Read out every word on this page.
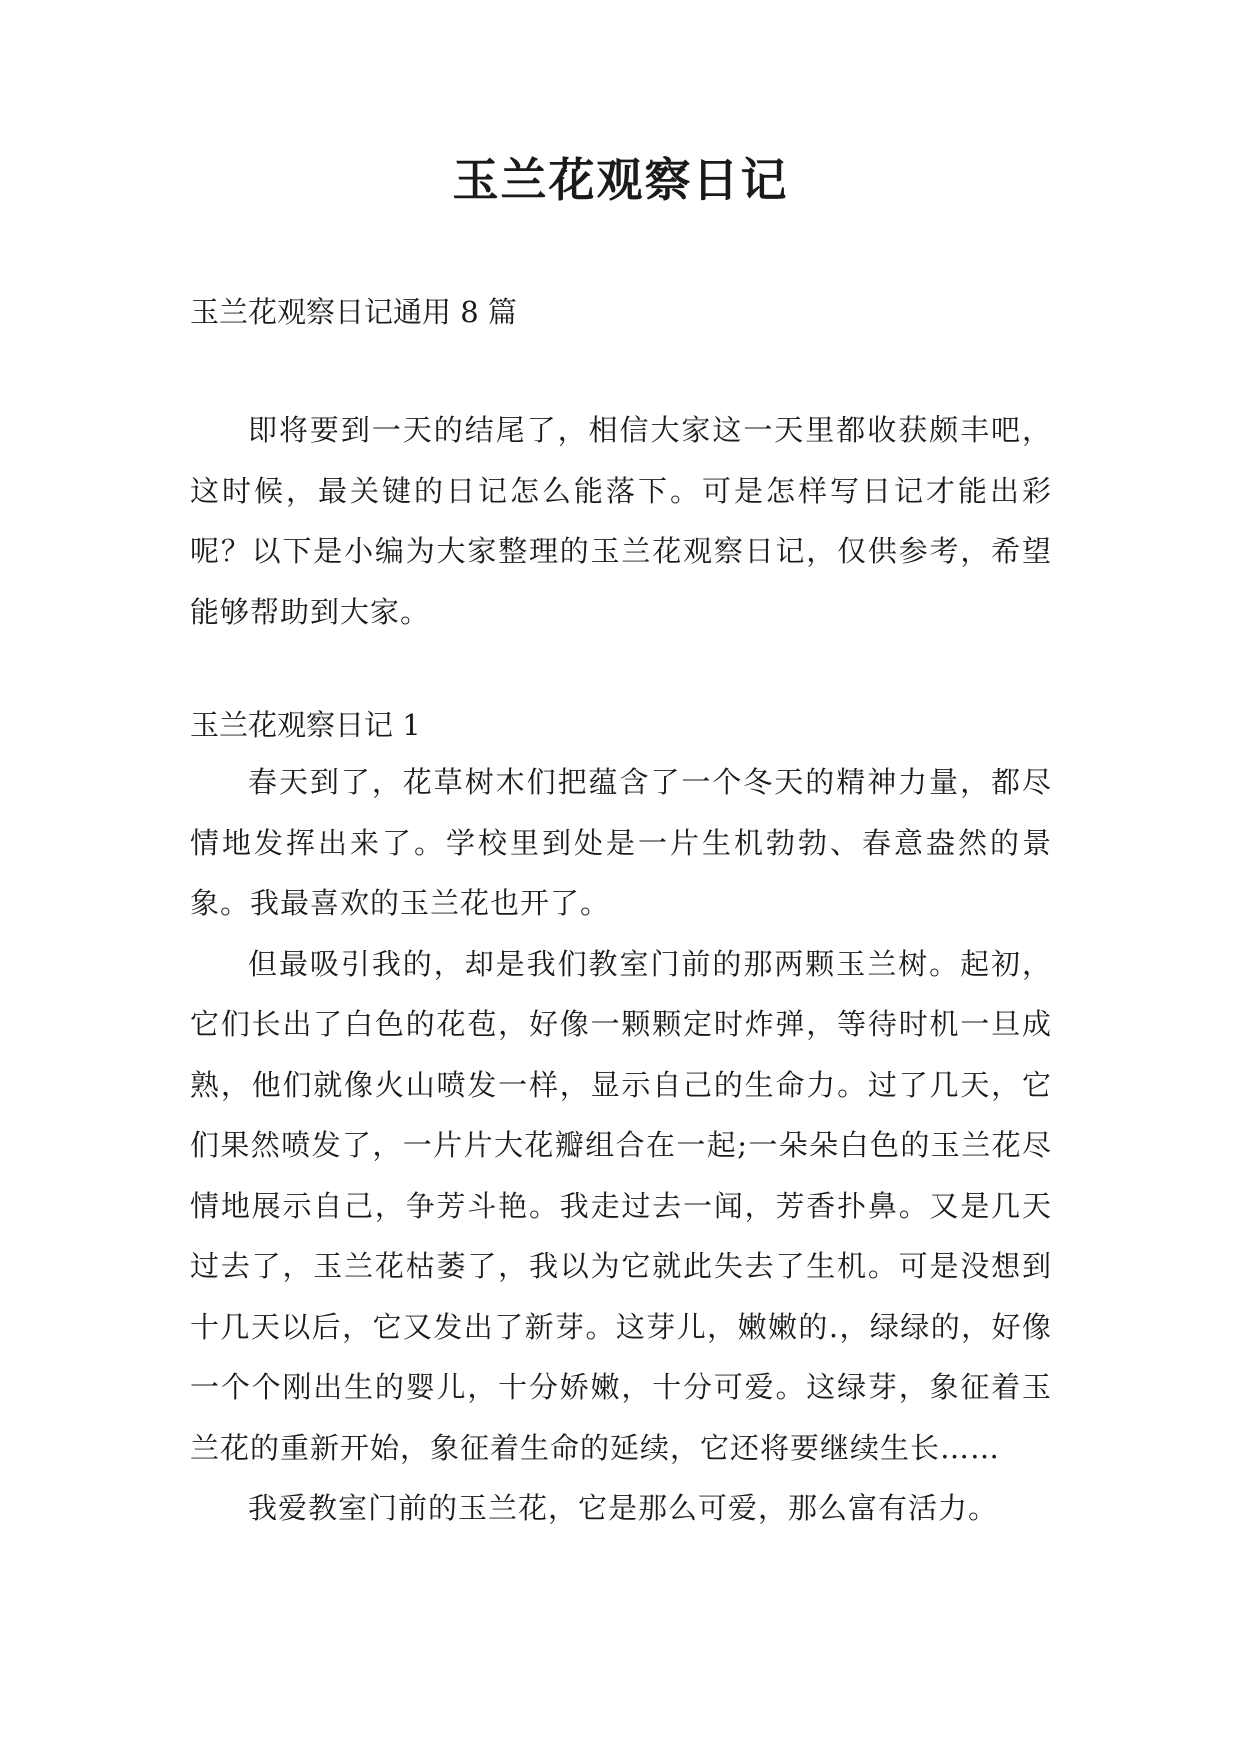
玉兰花观察日记

玉兰花观察日记通用 8 篇

即将要到一天的结尾了，相信大家这一天里都收获颇丰吧，这时候，最关键的日记怎么能落下。可是怎样写日记才能出彩呢？以下是小编为大家整理的玉兰花观察日记，仅供参考，希望能够帮助到大家。

玉兰花观察日记 1

春天到了，花草树木们把蕴含了一个冬天的精神力量，都尽情地发挥出来了。学校里到处是一片生机勃勃、春意盎然的景象。我最喜欢的玉兰花也开了。
但最吸引我的，却是我们教室门前的那两颗玉兰树。起初，它们长出了白色的花苞，好像一颗颗定时炸弹，等待时机一旦成熟，他们就像火山喷发一样，显示自己的生命力。过了几天，它们果然喷发了，一片片大花瓣组合在一起;一朵朵白色的玉兰花尽情地展示自己，争芳斗艳。我走过去一闻，芳香扑鼻。又是几天过去了，玉兰花枯萎了，我以为它就此失去了生机。可是没想到十几天以后，它又发出了新芽。这芽儿，嫩嫩的.，绿绿的，好像一个个刚出生的婴儿，十分娇嫩，十分可爱。这绿芽，象征着玉兰花的重新开始，象征着生命的延续，它还将要继续生长……
我爱教室门前的玉兰花，它是那么可爱，那么富有活力。
